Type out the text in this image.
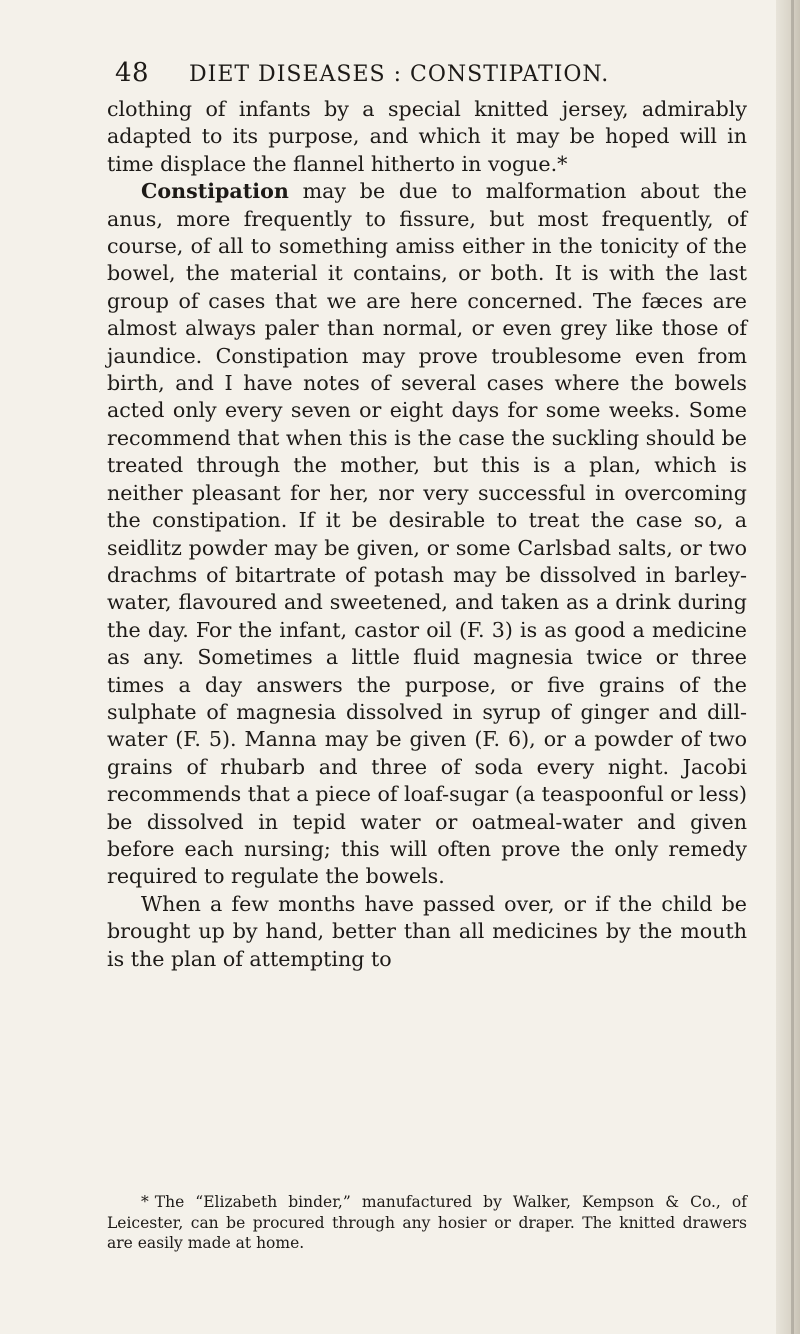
48 DIET DISEASES : CONSTIPATION.

clothing of infants by a special knitted jersey, admirably adapted to its purpose, and which it may be hoped will in time displace the flannel hitherto in vogue.*

Constipation may be due to malformation about the anus, more frequently to fissure, but most frequently, of course, of all to something amiss either in the tonicity of the bowel, the material it contains, or both. It is with the last group of cases that we are here concerned. The fæces are almost always paler than normal, or even grey like those of jaundice. Constipation may prove troublesome even from birth, and I have notes of several cases where the bowels acted only every seven or eight days for some weeks. Some recommend that when this is the case the suckling should be treated through the mother, but this is a plan, which is neither pleasant for her, nor very successful in overcoming the constipation. If it be desirable to treat the case so, a seidlitz powder may be given, or some Carlsbad salts, or two drachms of bitartrate of potash may be dissolved in barley-water, flavoured and sweetened, and taken as a drink during the day. For the infant, castor oil (F. 3) is as good a medicine as any. Sometimes a little fluid magnesia twice or three times a day answers the purpose, or five grains of the sulphate of magnesia dissolved in syrup of ginger and dill-water (F. 5). Manna may be given (F. 6), or a powder of two grains of rhubarb and three of soda every night. Jacobi recommends that a piece of loaf-sugar (a teaspoonful or less) be dissolved in tepid water or oatmeal-water and given before each nursing; this will often prove the only remedy required to regulate the bowels.

When a few months have passed over, or if the child be brought up by hand, better than all medicines by the mouth is the plan of attempting to

* The “Elizabeth binder,” manufactured by Walker, Kempson & Co., of Leicester, can be procured through any hosier or draper. The knitted drawers are easily made at home.
